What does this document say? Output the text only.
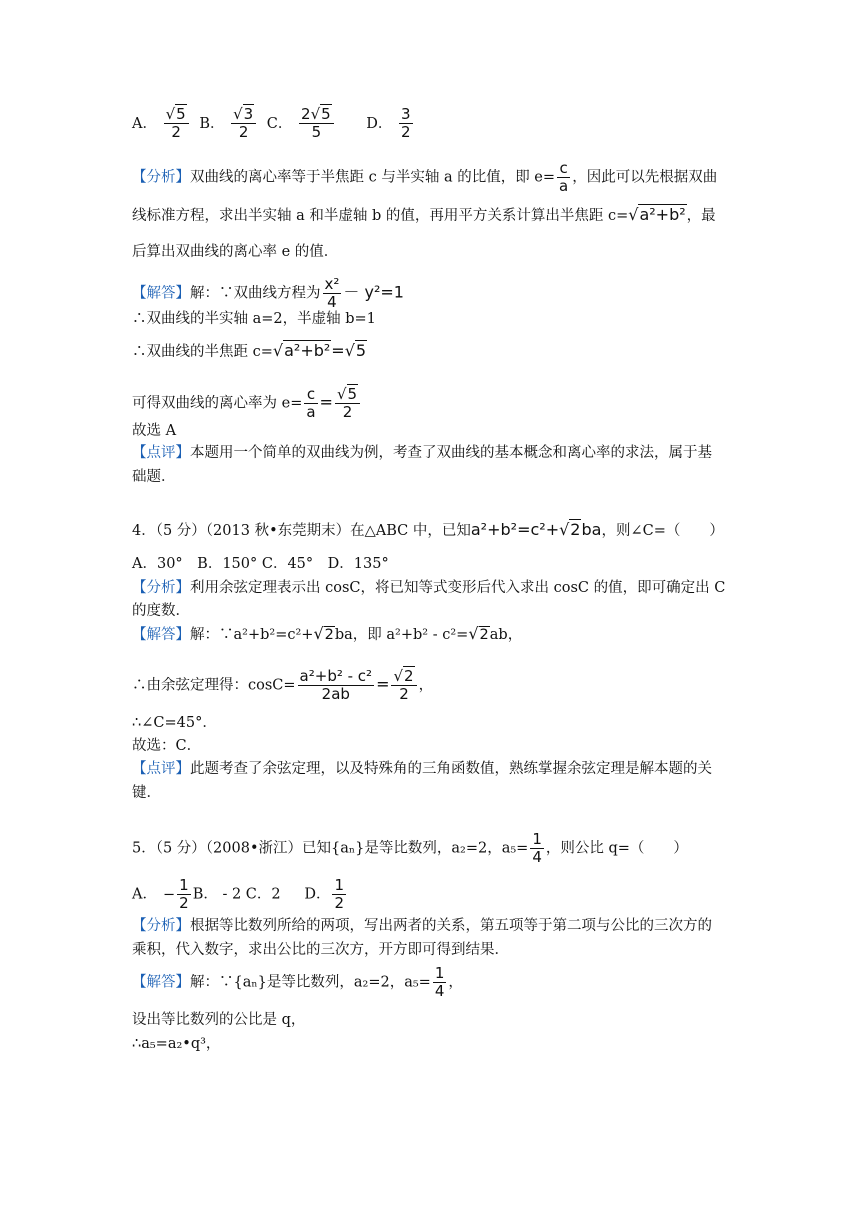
A． $\frac{√5}{2}$ B． $\frac{√3}{2}$ C． $\frac{2√5}{5}$ D． $\frac{3}{2}$
【分析】双曲线的离心率等于半焦距 c 与半实轴 a 的比值，即 $e= \frac{c}{a}$ ，因此可以先根据双曲
线标准方程，求出半实轴 a 和半虚轴 b 的值，再用平方关系计算出半焦距 c=√a²+b²，最
后算出双曲线的离心率 e 的值．
【解答】解：∵双曲线方程为 $\frac{\text{x²}}{4} - y^2=1$
∴双曲线的半实轴 a=2，半虚轴 b=1
∴双曲线的半焦距 c=√a²+b²=√5
可得双曲线的离心率为 $e= \frac{c}{a} = \frac{√5}{2}$
故选 A
【点评】本题用一个简单的双曲线为例，考查了双曲线的基本概念和离心率的求法，属于基
础题．
4．（5 分）（2013 秋•东莞期末）在△ABC 中，已知a²+b²=c²+√2ba，则∠C=（　　）
A．30°　B．150° C．45°　D．135°
【分析】利用余弦定理表示出 cosC，将已知等式变形后代入求出 cosC 的值，即可确定出 C
的度数．
【解答】解：∵a²+b²=c²+√2ba，即 a²+b² - c²=√2ab，
∴由余弦定理得：$\cos C= \frac{\text{a²+b² - c²}}{2ab} = \frac{√2}{2}$ ，
∴∠C=45°．
故选：C．
【点评】此题考查了余弦定理，以及特殊角的三角函数值，熟练掌握余弦定理是解本题的关
键．
5．（5 分）（2008•浙江）已知{aₙ}是等比数列，a₂=2，$a_5= \frac{1}{4}$ ，则公比 q=（　　）
A． − $\frac{1}{2}$ B． - 2 C．2 　 D． $\frac{1}{2}$
【分析】根据等比数列所给的两项，写出两者的关系，第五项等于第二项与公比的三次方的
乘积，代入数字，求出公比的三次方，开方即可得到结果．
【解答】解：∵{aₙ}是等比数列，a₂=2，$a_5= \frac{1}{4}$ ，
设出等比数列的公比是 q，
∴a₅=a₂•q³，
